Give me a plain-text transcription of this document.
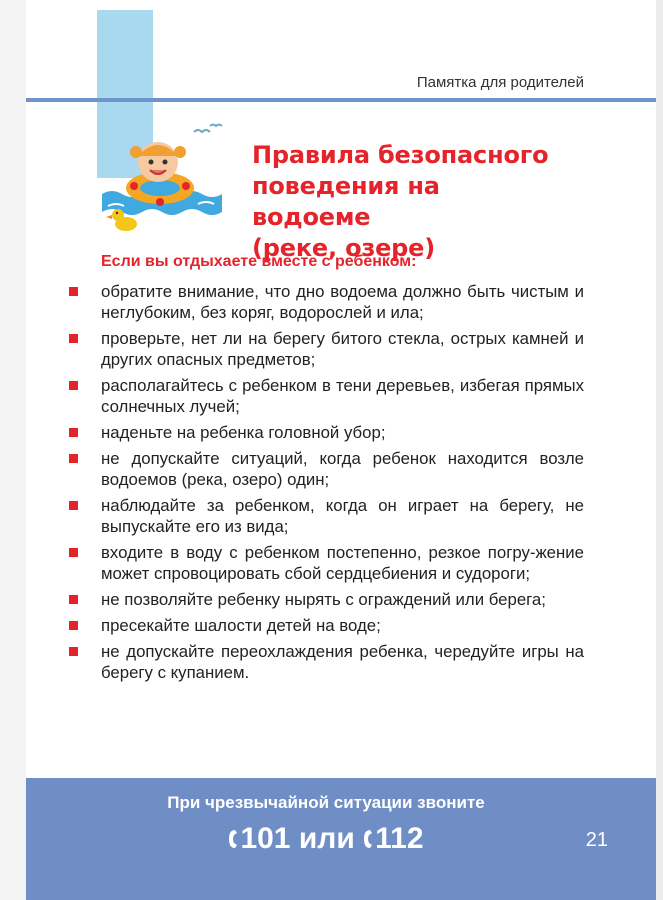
Памятка для родителей
Правила безопасного
поведения на водоеме
(реке, озере)
Если вы отдыхаете вместе с ребенком:
обратите внимание, что дно водоема должно быть чистым и неглубоким, без коряг, водорослей и ила;
проверьте, нет ли на берегу битого стекла, острых камней и других опасных предметов;
располагайтесь с ребенком в тени деревьев, избегая прямых солнечных лучей;
наденьте на ребенка головной убор;
не допускайте ситуаций, когда ребенок находится возле водоемов (река, озеро) один;
наблюдайте за ребенком, когда он играет на берегу, не выпускайте его из вида;
входите в воду с ребенком постепенно, резкое погру-жение может спровоцировать сбой сердцебиения и судороги;
не позволяйте ребенку нырять с ограждений или берега;
пресекайте шалости детей на воде;
не допускайте переохлаждения ребенка, чередуйте игры на берегу с купанием.
При чрезвычайной ситуации звоните
101 или 112	21
